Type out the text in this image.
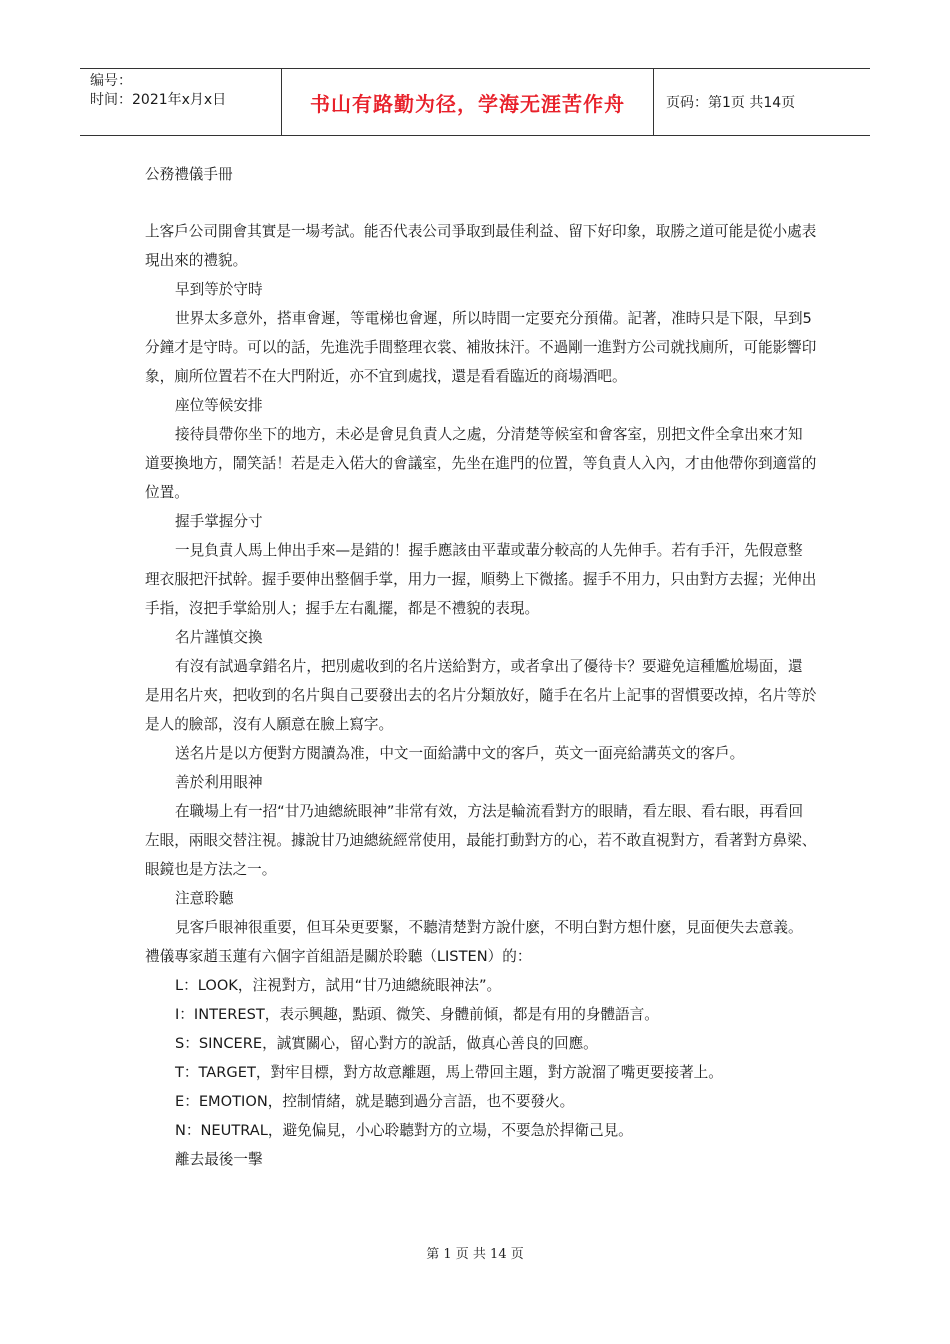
编号：
时间：2021年x月x日	书山有路勤为径，学海无涯苦作舟	页码：第1页 共14页

公務禮儀手冊

上客戶公司開會其實是一場考試。能否代表公司爭取到最佳利益、留下好印象，取勝之道可能是從小處表現出來的禮貌。

早到等於守時

世界太多意外，搭車會遲，等電梯也會遲，所以時間一定要充分預備。記著，准時只是下限，早到5分鐘才是守時。可以的話，先進洗手間整理衣裳、補妝抹汗。不過剛一進對方公司就找廁所，可能影響印象，廁所位置若不在大門附近，亦不宜到處找，還是看看臨近的商場酒吧。

座位等候安排

接待員帶你坐下的地方，未必是會見負責人之處，分清楚等候室和會客室，別把文件全拿出來才知道要換地方，鬧笑話！若是走入偌大的會議室，先坐在進門的位置，等負責人入內，才由他帶你到適當的位置。

握手掌握分寸

一見負責人馬上伸出手來—是錯的！握手應該由平輩或輩分較高的人先伸手。若有手汗，先假意整理衣服把汗拭幹。握手要伸出整個手掌，用力一握，順勢上下微搖。握手不用力，只由對方去握；光伸出手指，沒把手掌給別人；握手左右亂擺，都是不禮貌的表現。

名片謹慎交換

有沒有試過拿錯名片，把別處收到的名片送給對方，或者拿出了優待卡？要避免這種尷尬場面，還是用名片夾，把收到的名片與自己要發出去的名片分類放好，隨手在名片上記事的習慣要改掉，名片等於是人的臉部，沒有人願意在臉上寫字。

送名片是以方便對方閱讀為准，中文一面給講中文的客戶，英文一面亮給講英文的客戶。

善於利用眼神

在職場上有一招“甘乃迪總統眼神”非常有效，方法是輪流看對方的眼睛，看左眼、看右眼，再看回左眼，兩眼交替注視。據說甘乃迪總統經常使用，最能打動對方的心，若不敢直視對方，看著對方鼻梁、眼鏡也是方法之一。

注意聆聽

見客戶眼神很重要，但耳朵更要緊，不聽清楚對方說什麽，不明白對方想什麽，見面便失去意義。禮儀專家趙玉蓮有六個字首組語是關於聆聽（LISTEN）的：

L：LOOK，注視對方，試用“甘乃迪總統眼神法”。

I：INTEREST，表示興趣，點頭、微笑、身體前傾，都是有用的身體語言。

S：SINCERE，誠實關心，留心對方的說話，做真心善良的回應。

T：TARGET，對牢目標，對方故意離題，馬上帶回主題，對方說溜了嘴更要接著上。

E：EMOTION，控制情緒，就是聽到過分言語，也不要發火。

N：NEUTRAL，避免偏見，小心聆聽對方的立場，不要急於捍衛己見。

離去最後一擊

第 1 页 共 14 页
